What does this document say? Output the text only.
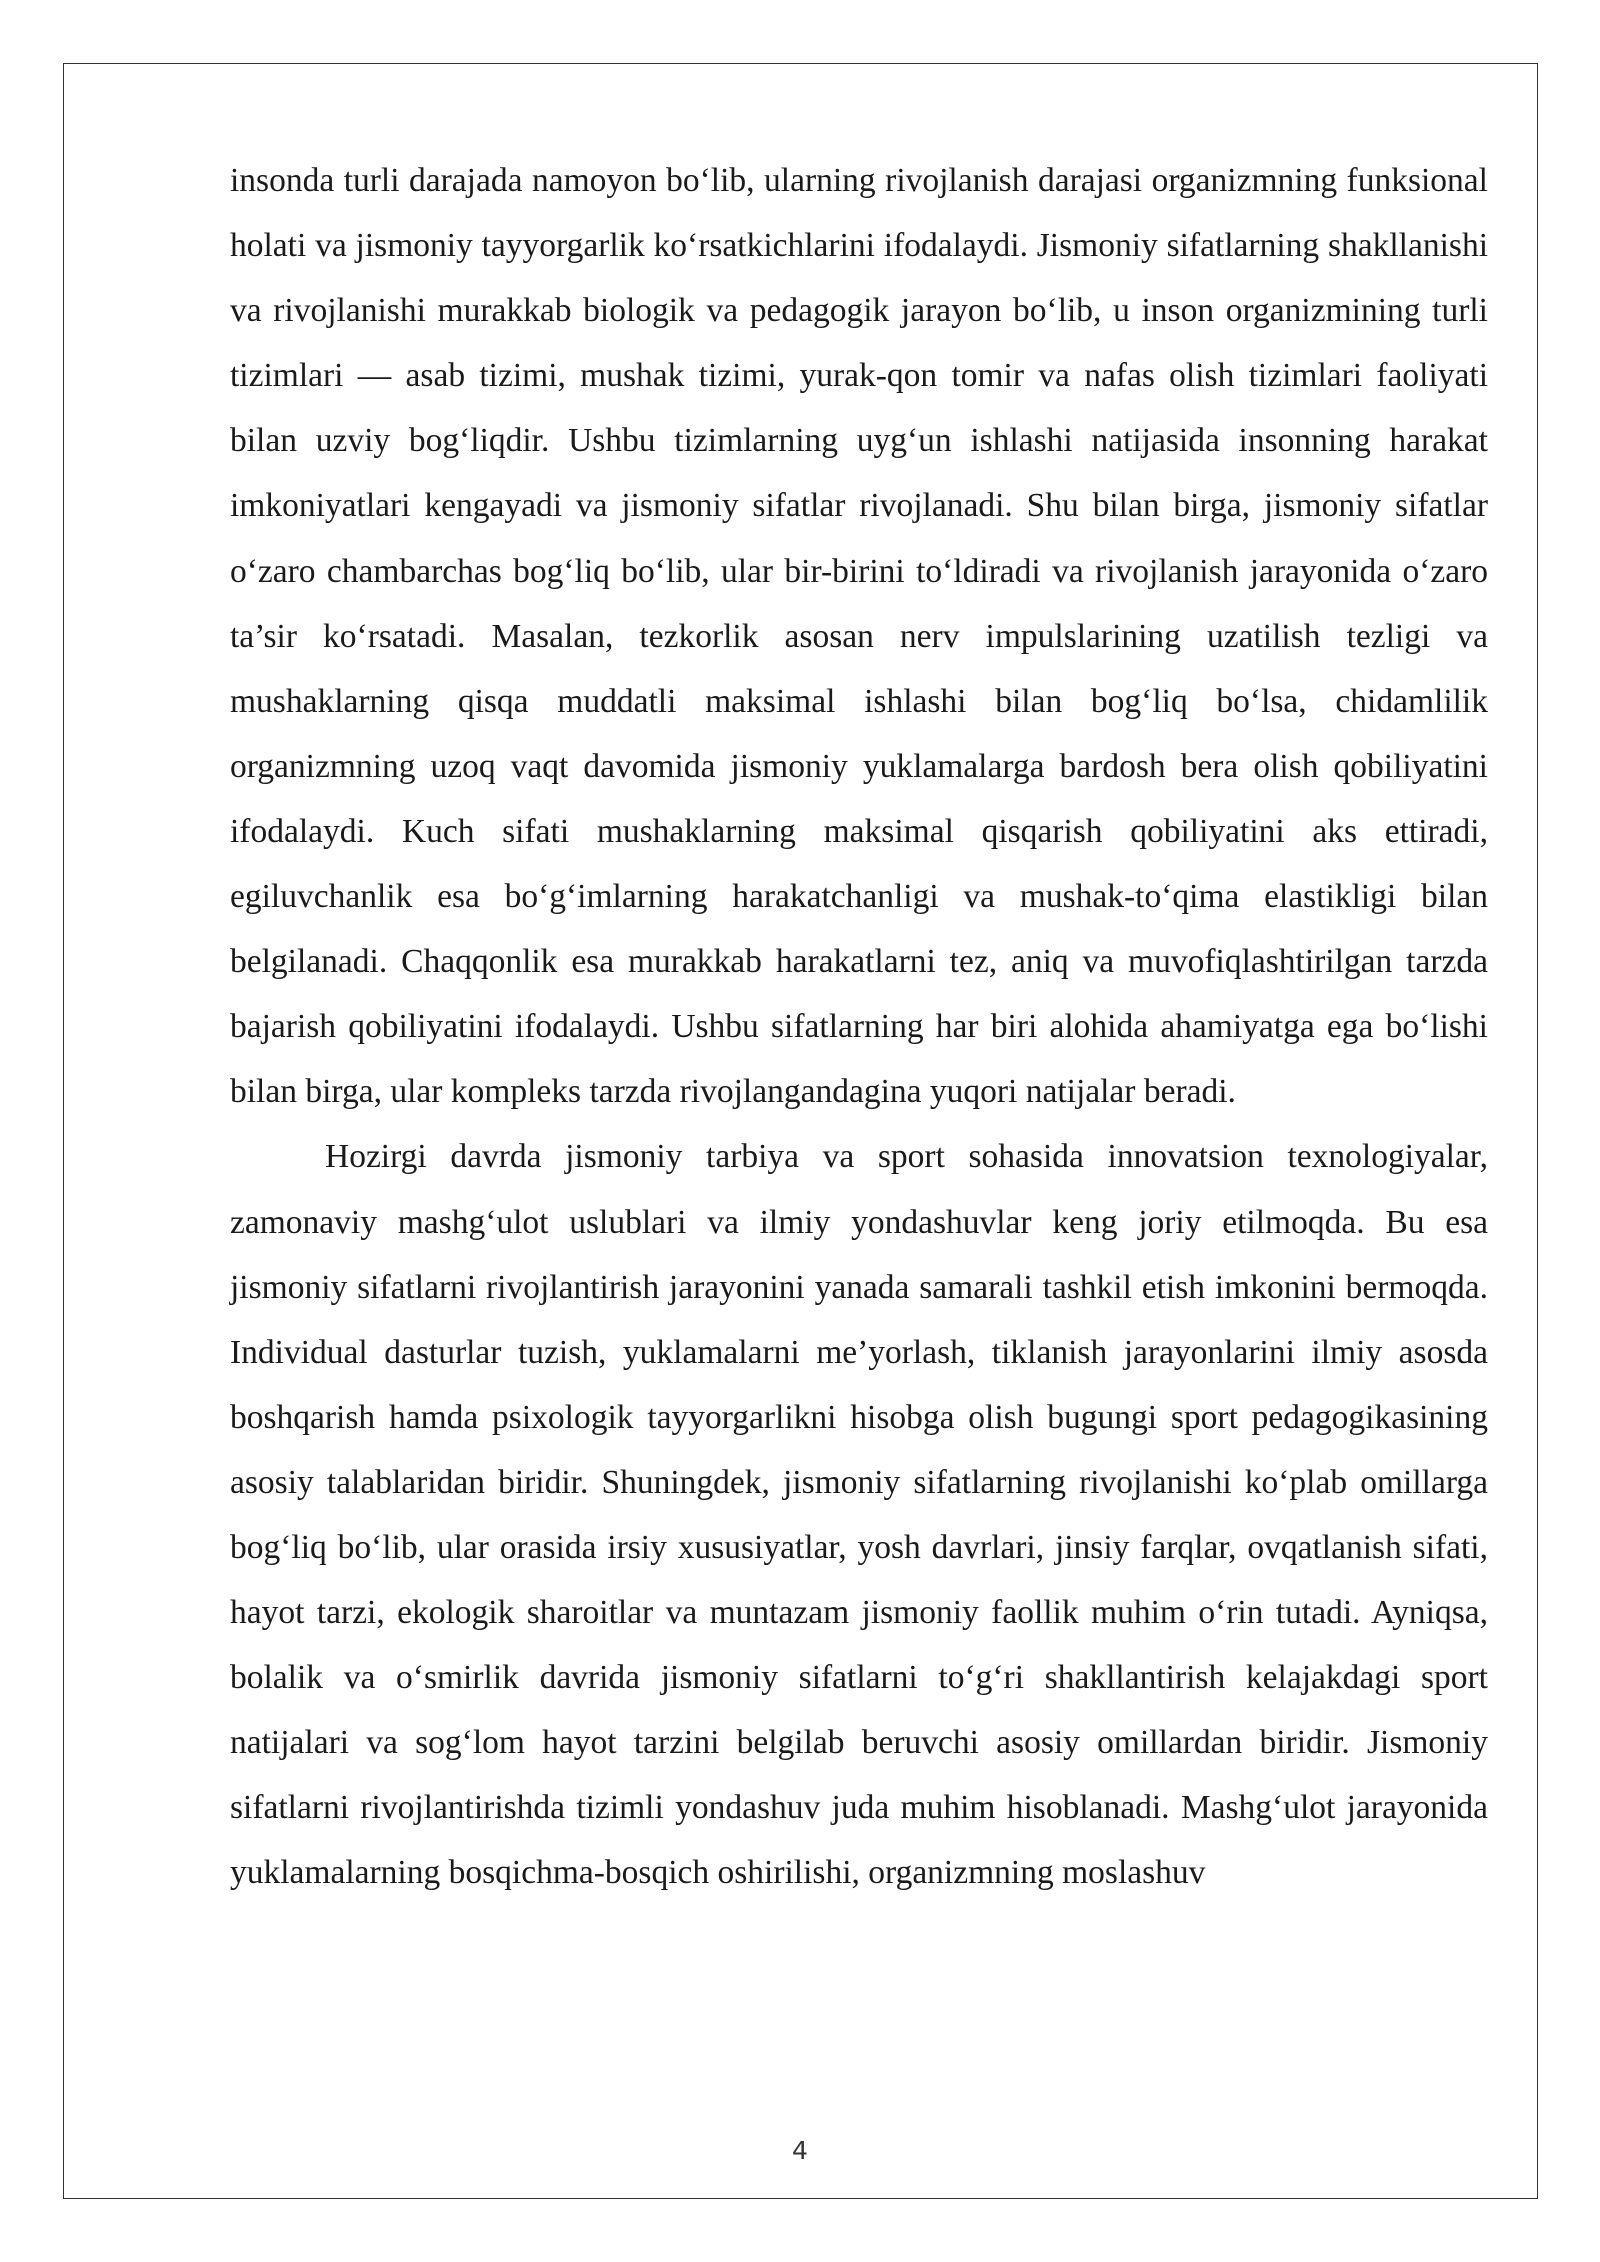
insonda turli darajada namoyon bo‘lib, ularning rivojlanish darajasi organizmning funksional holati va jismoniy tayyorgarlik ko‘rsatkichlarini ifodalaydi. Jismoniy sifatlarning shakllanishi va rivojlanishi murakkab biologik va pedagogik jarayon bo‘lib, u inson organizmining turli tizimlari — asab tizimi, mushak tizimi, yurak-qon tomir va nafas olish tizimlari faoliyati bilan uzviy bog‘liqdir. Ushbu tizimlarning uyg‘un ishlashi natijasida insonning harakat imkoniyatlari kengayadi va jismoniy sifatlar rivojlanadi. Shu bilan birga, jismoniy sifatlar o‘zaro chambarchas bog‘liq bo‘lib, ular bir-birini to‘ldiradi va rivojlanish jarayonida o‘zaro ta’sir ko‘rsatadi. Masalan, tezkorlik asosan nerv impulslarining uzatilish tezligi va mushaklarning qisqa muddatli maksimal ishlashi bilan bog‘liq bo‘lsa, chidamlilik organizmning uzoq vaqt davomida jismoniy yuklamalarga bardosh bera olish qobiliyatini ifodalaydi. Kuch sifati mushaklarning maksimal qisqarish qobiliyatini aks ettiradi, egiluvchanlik esa bo‘g‘imlarning harakatchanligi va mushak-to‘qima elastikligi bilan belgilanadi. Chaqqonlik esa murakkab harakatlarni tez, aniq va muvofiqlashtirilgan tarzda bajarish qobiliyatini ifodalaydi. Ushbu sifatlarning har biri alohida ahamiyatga ega bo‘lishi bilan birga, ular kompleks tarzda rivojlangandagina yuqori natijalar beradi.

Hozirgi davrda jismoniy tarbiya va sport sohasida innovatsion texnologiyalar, zamonaviy mashg‘ulot uslublari va ilmiy yondashuvlar keng joriy etilmoqda. Bu esa jismoniy sifatlarni rivojlantirish jarayonini yanada samarali tashkil etish imkonini bermoqda. Individual dasturlar tuzish, yuklamalarni me’yorlash, tiklanish jarayonlarini ilmiy asosda boshqarish hamda psixologik tayyorgarlikni hisobga olish bugungi sport pedagogikasining asosiy talablaridan biridir. Shuningdek, jismoniy sifatlarning rivojlanishi ko‘plab omillarga bog‘liq bo‘lib, ular orasida irsiy xususiyatlar, yosh davrlari, jinsiy farqlar, ovqatlanish sifati, hayot tarzi, ekologik sharoitlar va muntazam jismoniy faollik muhim o‘rin tutadi. Ayniqsa, bolalik va o‘smirlik davrida jismoniy sifatlarni to‘g‘ri shakllantirish kelajakdagi sport natijalari va sog‘lom hayot tarzini belgilab beruvchi asosiy omillardan biridir. Jismoniy sifatlarni rivojlantirishda tizimli yondashuv juda muhim hisoblanadi. Mashg‘ulot jarayonida yuklamalarning bosqichma-bosqich oshirilishi, organizmning moslashuv

4
